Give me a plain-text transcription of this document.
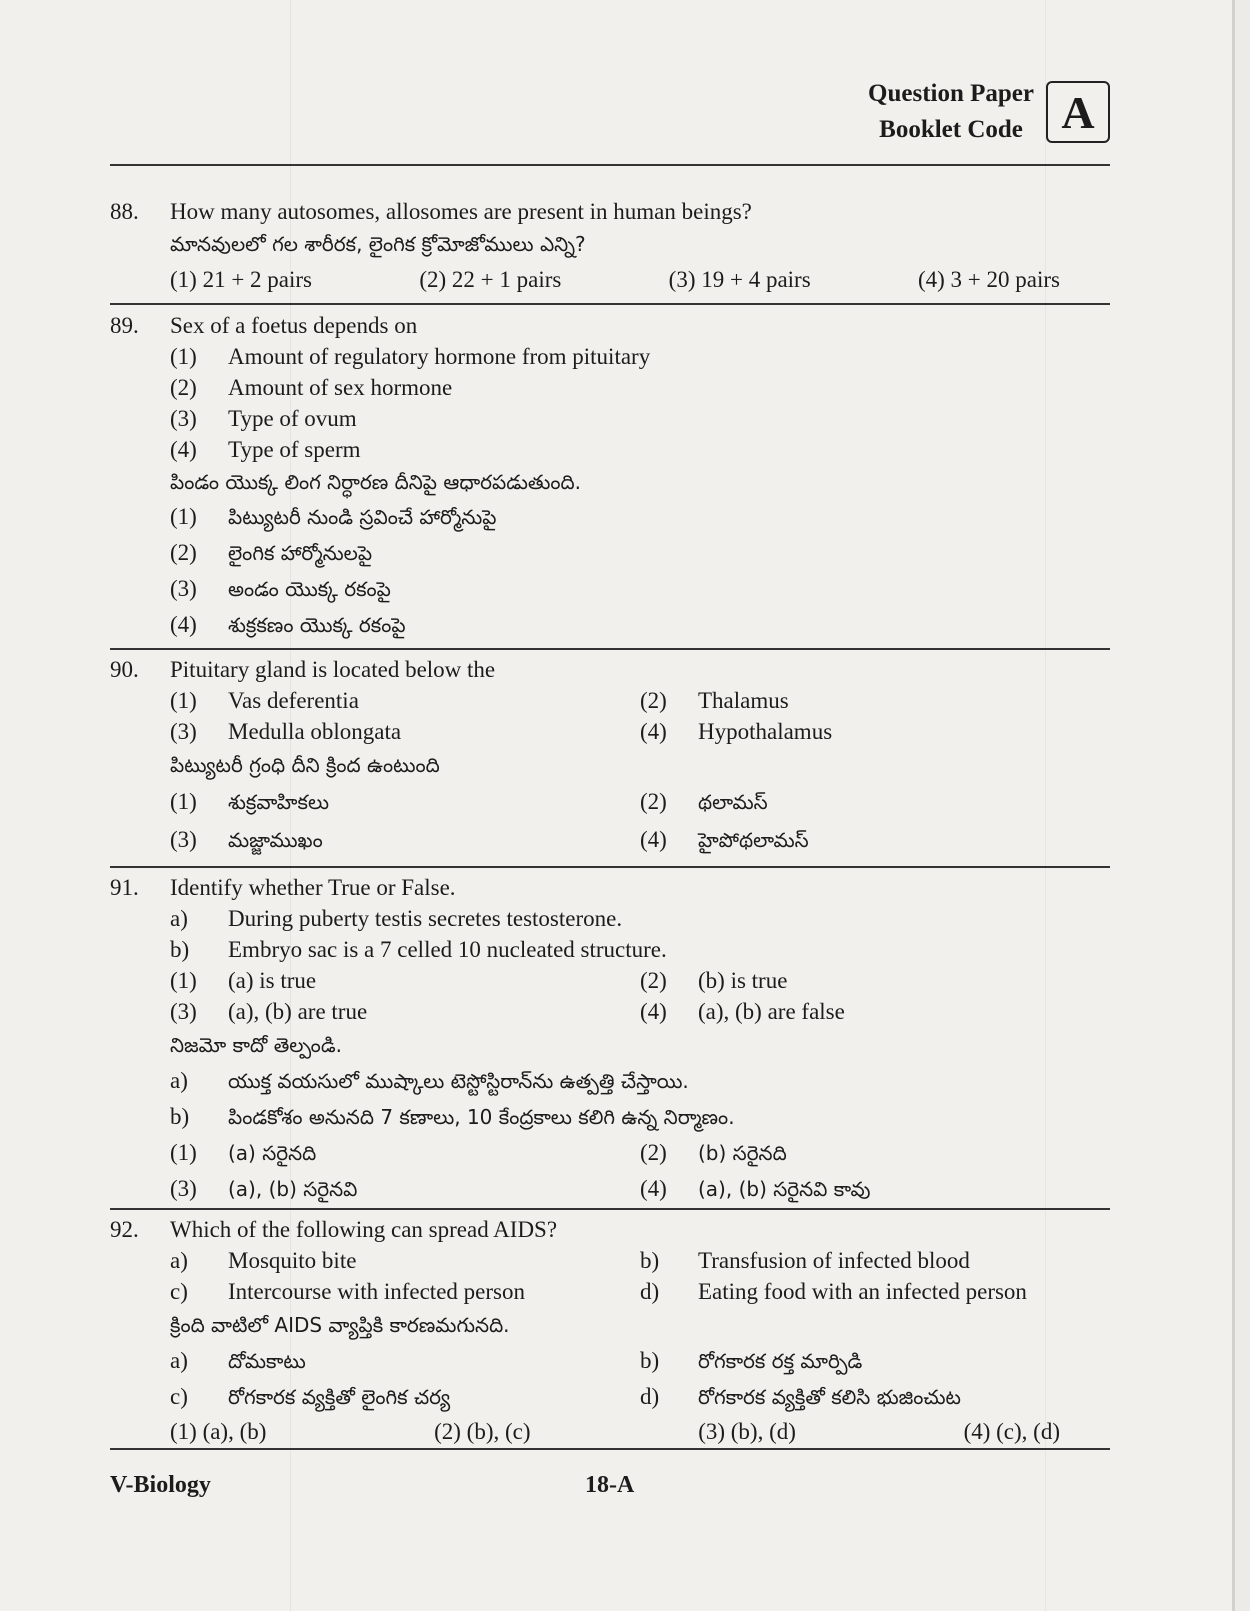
Question Paper
Booklet Code A
88.	How many autosomes, allosomes are present in human beings?
మానవులలో గల శారీరక, లైంగిక క్రోమోజోములు ఎన్ని?
(1) 21 + 2 pairs	(2) 22 + 1 pairs	(3) 19 + 4 pairs	(4) 3 + 20 pairs
89.	Sex of a foetus depends on
(1)	Amount of regulatory hormone from pituitary
(2)	Amount of sex hormone
(3)	Type of ovum
(4)	Type of sperm
పిండం యొక్క లింగ నిర్ధారణ దీనిపై ఆధారపడుతుంది.
(1)	పిట్యుటరీ నుండి స్రవించే హార్మోనుపై
(2)	లైంగిక హార్మోనులపై
(3)	అండం యొక్క రకంపై
(4)	శుక్రకణం యొక్క రకంపై
90.	Pituitary gland is located below the
(1)	Vas deferentia	(2)	Thalamus
(3)	Medulla oblongata	(4)	Hypothalamus
పిట్యుటరీ గ్రంధి దీని క్రింద ఉంటుంది
(1)	శుక్రవాహికలు	(2)	థలామస్
(3)	మజ్జాముఖం	(4)	హైపోథలామస్
91.	Identify whether True or False.
a)	During puberty testis secretes testosterone.
b)	Embryo sac is a 7 celled 10 nucleated structure.
(1)	(a) is true	(2)	(b) is true
(3)	(a), (b) are true	(4)	(a), (b) are false
నిజమో కాదో తెల్పండి.
a)	యుక్త వయసులో ముష్కాలు టెస్టోస్టిరాన్‌ను ఉత్పత్తి చేస్తాయి.
b)	పిండకోశం అనునది 7 కణాలు, 10 కేంద్రకాలు కలిగి ఉన్న నిర్మాణం.
(1)	(a) సరైనది	(2)	(b) సరైనది
(3)	(a), (b) సరైనవి	(4)	(a), (b) సరైనవి కావు
92.	Which of the following can spread AIDS?
a)	Mosquito bite	b)	Transfusion of infected blood
c)	Intercourse with infected person	d)	Eating food with an infected person
క్రింది వాటిలో AIDS వ్యాప్తికి కారణమగునది.
a)	దోమకాటు	b)	రోగకారక రక్త మార్పిడి
c)	రోగకారక వ్యక్తితో లైంగిక చర్య	d)	రోగకారక వ్యక్తితో కలిసి భుజించుట
(1) (a), (b)	(2) (b), (c)	(3) (b), (d)	(4) (c), (d)
V-Biology	18-A
